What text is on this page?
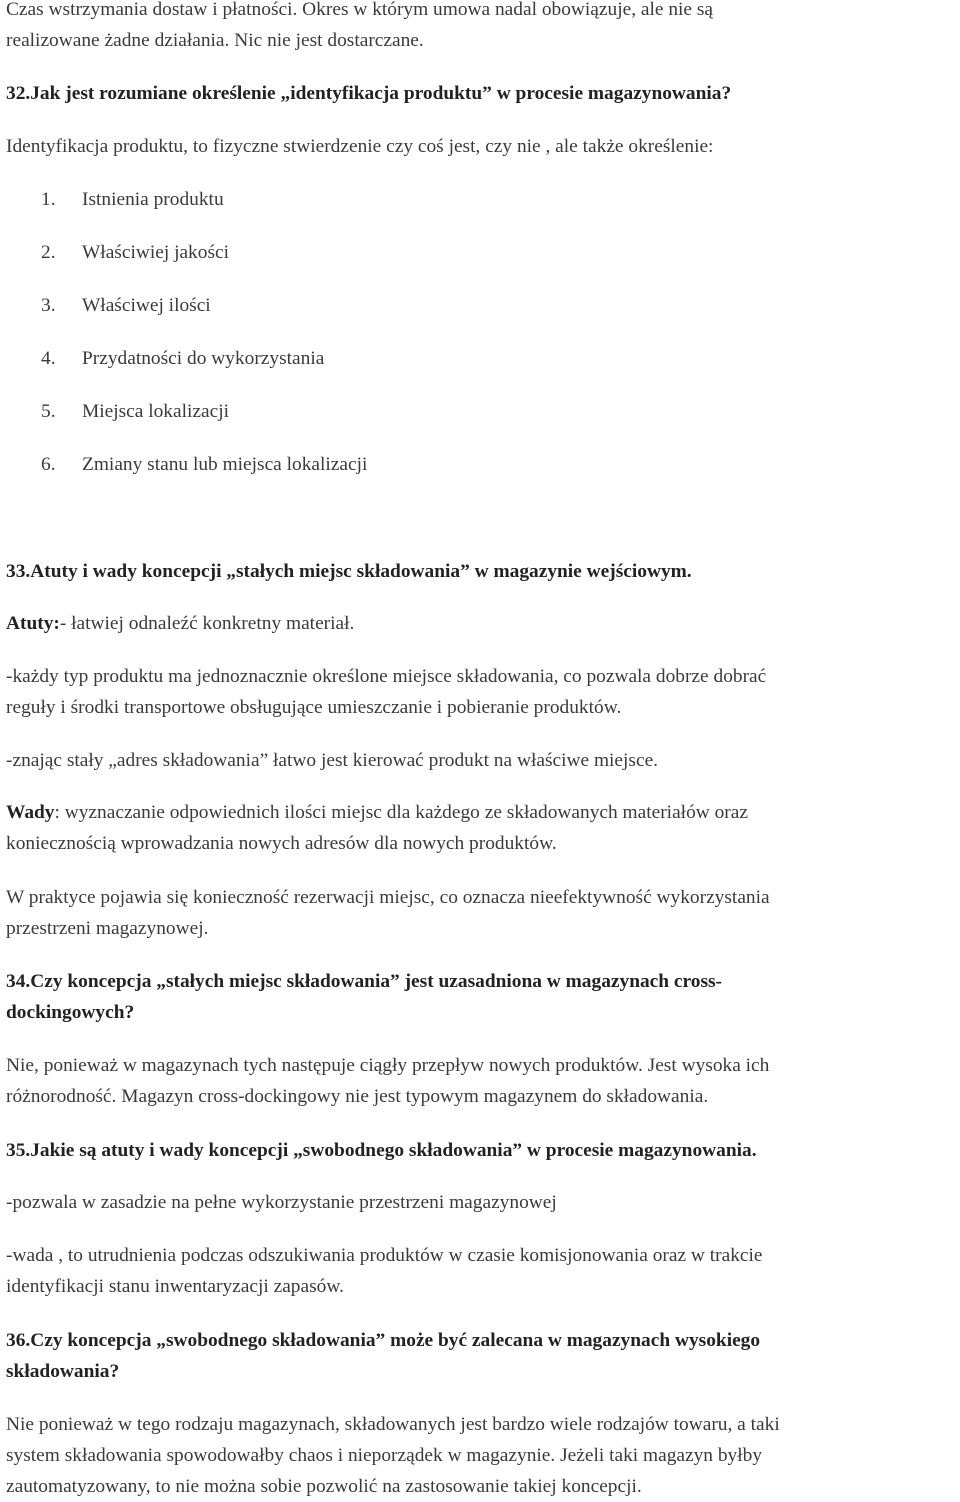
Czas wstrzymania dostaw i płatności. Okres w którym umowa nadal obowiązuje, ale nie są
realizowane żadne działania. Nic nie jest dostarczane.

32.Jak jest rozumiane określenie „identyfikacja produktu” w procesie magazynowania?

Identyfikacja produktu, to fizyczne stwierdzenie czy coś jest, czy nie , ale także określenie:

1. Istnienia produktu
2. Właściwiej jakości
3. Właściwej ilości
4. Przydatności do wykorzystania
5. Miejsca lokalizacji
6. Zmiany stanu lub miejsca lokalizacji

33.Atuty i wady koncepcji „stałych miejsc składowania” w magazynie wejściowym.

Atuty:- łatwiej odnaleźć konkretny materiał.

-każdy typ produktu ma jednoznacznie określone miejsce składowania, co pozwala dobrze dobrać
reguły i środki transportowe obsługujące umieszczanie i pobieranie produktów.

-znając stały „adres składowania” łatwo jest kierować produkt na właściwe miejsce.

Wady: wyznaczanie odpowiednich ilości miejsc dla każdego ze składowanych materiałów oraz
koniecznością wprowadzania nowych adresów dla nowych produktów.

W praktyce pojawia się konieczność rezerwacji miejsc, co oznacza nieefektywność wykorzystania
przestrzeni magazynowej.

34.Czy koncepcja „stałych miejsc składowania” jest uzasadniona w magazynach cross-
dockingowych?

Nie, ponieważ w magazynach tych następuje ciągły przepływ nowych produktów. Jest wysoka ich
różnorodność. Magazyn cross-dockingowy nie jest typowym magazynem do składowania.

35.Jakie są atuty i wady koncepcji „swobodnego składowania” w procesie magazynowania.

-pozwala w zasadzie na pełne wykorzystanie przestrzeni magazynowej

-wada , to utrudnienia podczas odszukiwania produktów w czasie komisjonowania oraz w trakcie
identyfikacji stanu inwentaryzacji zapasów.

36.Czy koncepcja „swobodnego składowania” może być zalecana w magazynach wysokiego
składowania?

Nie ponieważ w tego rodzaju magazynach, składowanych jest bardzo wiele rodzajów towaru, a taki
system składowania spowodowałby chaos i nieporządek w magazynie. Jeżeli taki magazyn byłby
zautomatyzowany, to nie można sobie pozwolić na zastosowanie takiej koncepcji.
